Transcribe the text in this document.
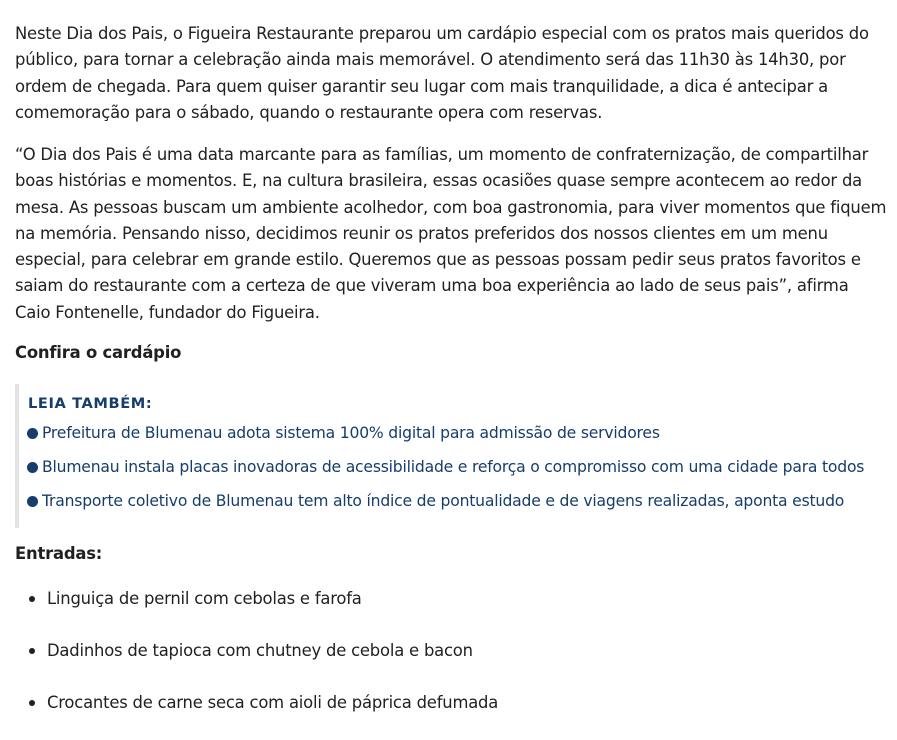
Neste Dia dos Pais, o Figueira Restaurante preparou um cardápio especial com os pratos mais queridos do público, para tornar a celebração ainda mais memorável. O atendimento será das 11h30 às 14h30, por ordem de chegada. Para quem quiser garantir seu lugar com mais tranquilidade, a dica é antecipar a comemoração para o sábado, quando o restaurante opera com reservas.

“O Dia dos Pais é uma data marcante para as famílias, um momento de confraternização, de compartilhar boas histórias e momentos. E, na cultura brasileira, essas ocasiões quase sempre acontecem ao redor da mesa. As pessoas buscam um ambiente acolhedor, com boa gastronomia, para viver momentos que fiquem na memória. Pensando nisso, decidimos reunir os pratos preferidos dos nossos clientes em um menu especial, para celebrar em grande estilo. Queremos que as pessoas possam pedir seus pratos favoritos e saiam do restaurante com a certeza de que viveram uma boa experiência ao lado de seus pais”, afirma Caio Fontenelle, fundador do Figueira.

Confira o cardápio
LEIA TAMBÉM:
Prefeitura de Blumenau adota sistema 100% digital para admissão de servidores
Blumenau instala placas inovadoras de acessibilidade e reforça o compromisso com uma cidade para todos
Transporte coletivo de Blumenau tem alto índice de pontualidade e de viagens realizadas, aponta estudo
Entradas:
Linguiça de pernil com cebolas e farofa
Dadinhos de tapioca com chutney de cebola e bacon
Crocantes de carne seca com aioli de páprica defumada
